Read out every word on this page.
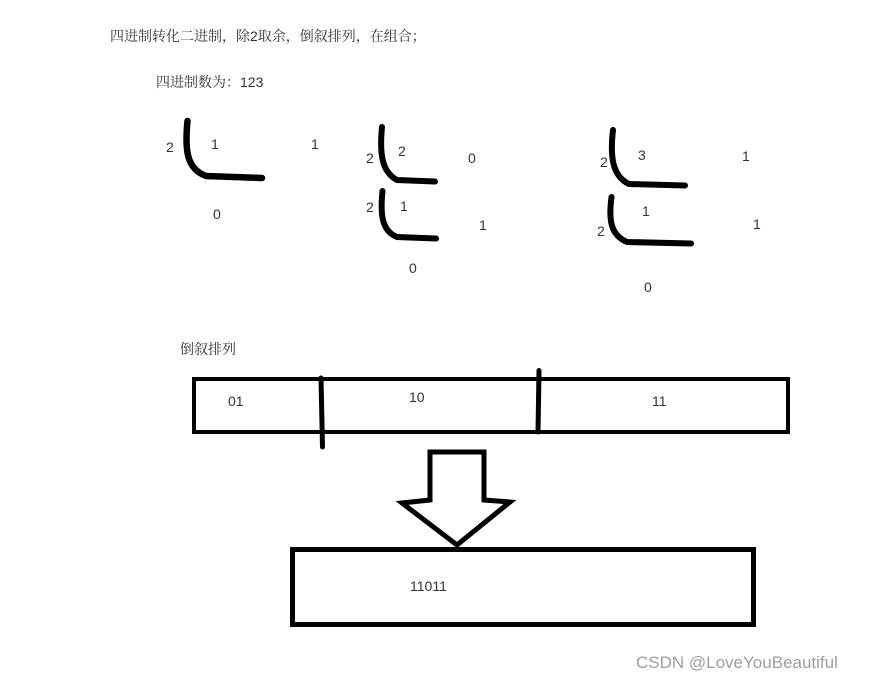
四进制转化二进制，除2取余，倒叙排列，在组合；
四进制数为：123
2	1	1
0
2 2	0
2 1
1
0
2 3	1
2
1
1
0
倒叙排列
01	10	11
11011
CSDN @LoveYouBeautiful
